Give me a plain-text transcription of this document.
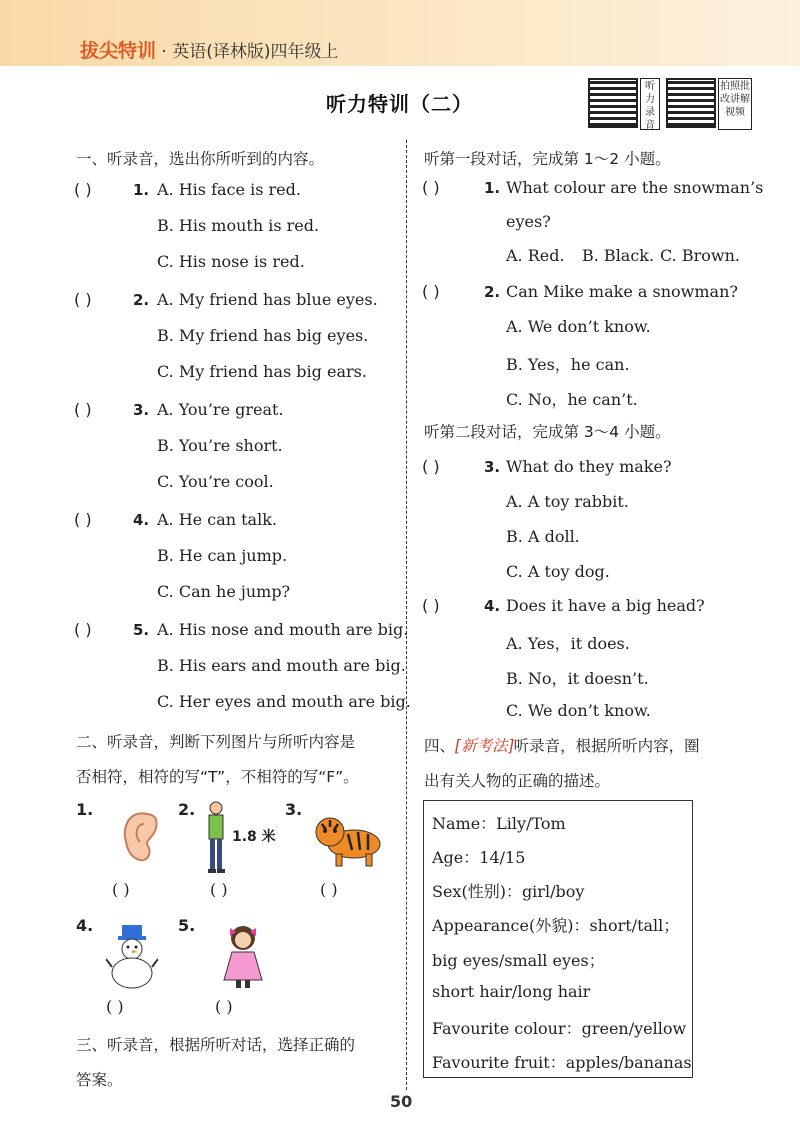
拔尖特训 · 英语(译林版)四年级上
听力特训（二）
听力录音
拍照批改讲解视频
一、听录音，选出你所听到的内容。
( )	1. A. His face is red.
B. His mouth is red.
C. His nose is red.
( )	2. A. My friend has blue eyes.
B. My friend has big eyes.
C. My friend has big ears.
( )	3. A. You’re great.
B. You’re short.
C. You’re cool.
( )	4. A. He can talk.
B. He can jump.
C. Can he jump?
( )	5. A. His nose and mouth are big.
B. His ears and mouth are big.
C. Her eyes and mouth are big.
二、听录音，判断下列图片与所听内容是
否相符，相符的写“T”，不相符的写“F”。
1.	2.
1.8 米
3.
( )	( )	( )
4.	5.
( )	( )
三、听录音，根据所听对话，选择正确的
答案。
听第一段对话，完成第 1～2 小题。
( )	1. What colour are the snowman’s
eyes?
A. Red. B. Black. C. Brown.
( )	2. Can Mike make a snowman?
A. We don’t know.
B. Yes，he can.
C. No，he can’t.
( )	3. What do they make?
A. A toy rabbit.
B. A doll.
C. A toy dog.
( )	4. Does it have a big head?
A. Yes，it does.
B. No，it doesn’t.
C. We don’t know.
听第二段对话，完成第 3～4 小题。
四、[新考法]听录音，根据所听内容，圈
出有关人物的正确的描述。
Name：Lily/Tom
Age：14/15
Sex(性别)：girl/boy
Appearance(外貌)：short/tall；
big eyes/small eyes；
short hair/long hair
Favourite colour：green/yellow
Favourite fruit：apples/bananas
50
